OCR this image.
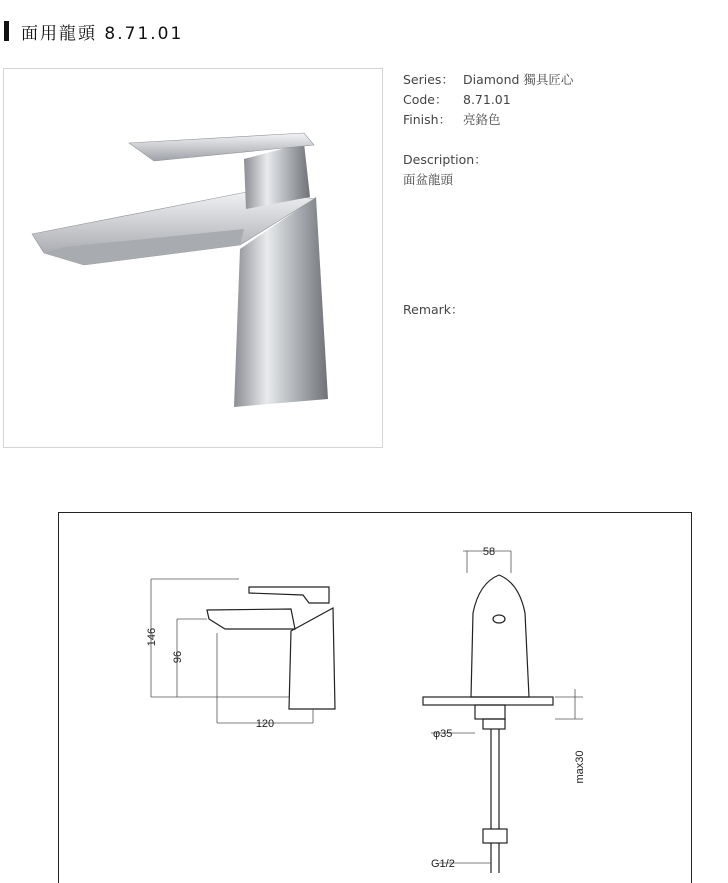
面用龍頭 8.71.01
Series： Diamond 獨具匠心
Code：	8.71.01
Finish： 亮鉻色
Description：
面盆龍頭
Remark：
146
96
120
58
φ35
max30
G1/2
